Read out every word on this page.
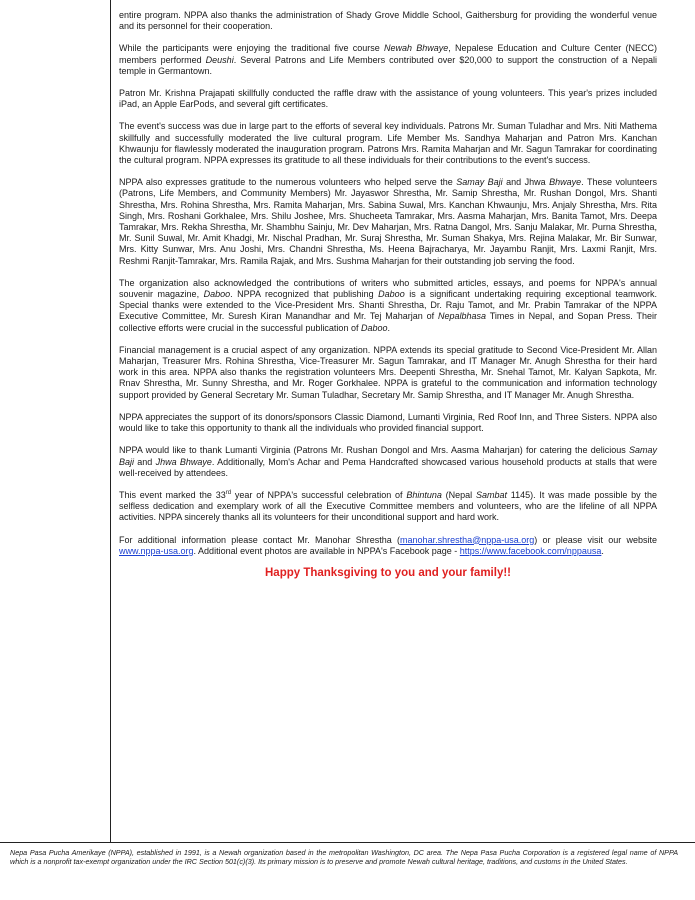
entire program. NPPA also thanks the administration of Shady Grove Middle School, Gaithersburg for providing the wonderful venue and its personnel for their cooperation.

While the participants were enjoying the traditional five course Newah Bhwaye, Nepalese Education and Culture Center (NECC) members performed Deushi. Several Patrons and Life Members contributed over $20,000 to support the construction of a Nepali temple in Germantown.

Patron Mr. Krishna Prajapati skillfully conducted the raffle draw with the assistance of young volunteers. This year's prizes included iPad, an Apple EarPods, and several gift certificates.

The event's success was due in large part to the efforts of several key individuals. Patrons Mr. Suman Tuladhar and Mrs. Niti Mathema skillfully and successfully moderated the live cultural program. Life Member Ms. Sandhya Maharjan and Patron Mrs. Kanchan Khwaunju for flawlessly moderated the inauguration program. Patrons Mrs. Ramita Maharjan and Mr. Sagun Tamrakar for coordinating the cultural program. NPPA expresses its gratitude to all these individuals for their contributions to the event's success.

NPPA also expresses gratitude to the numerous volunteers who helped serve the Samay Baji and Jhwa Bhwaye. These volunteers (Patrons, Life Members, and Community Members) Mr. Jayaswor Shrestha, Mr. Samip Shrestha, Mr. Rushan Dongol, Mrs. Shanti Shrestha, Mrs. Rohina Shrestha, Mrs. Ramita Maharjan, Mrs. Sabina Suwal, Mrs. Kanchan Khwaunju, Mrs. Anjaly Shrestha, Mrs. Rita Singh, Mrs. Roshani Gorkhalee, Mrs. Shilu Joshee, Mrs. Shucheeta Tamrakar, Mrs. Aasma Maharjan, Mrs. Banita Tamot, Mrs. Deepa Tamrakar, Mrs. Rekha Shrestha, Mr. Shambhu Sainju, Mr. Dev Maharjan, Mrs. Ratna Dangol, Mrs. Sanju Malakar, Mr. Purna Shrestha, Mr. Sunil Suwal, Mr. Amit Khadgi, Mr. Nischal Pradhan, Mr. Suraj Shrestha, Mr. Suman Shakya, Mrs. Rejina Malakar, Mr. Bir Sunwar, Mrs. Kitty Sunwar, Mrs. Anu Joshi, Mrs. Chandni Shrestha, Ms. Heena Bajracharya, Mr. Jayambu Ranjit, Mrs. Laxmi Ranjit, Mrs. Reshmi Ranjit-Tamrakar, Mrs. Ramila Rajak, and Mrs. Sushma Maharjan for their outstanding job serving the food.

The organization also acknowledged the contributions of writers who submitted articles, essays, and poems for NPPA's annual souvenir magazine, Daboo. NPPA recognized that publishing Daboo is a significant undertaking requiring exceptional teamwork. Special thanks were extended to the Vice-President Mrs. Shanti Shrestha, Dr. Raju Tamot, and Mr. Prabin Tamrakar of the NPPA Executive Committee, Mr. Suresh Kiran Manandhar and Mr. Tej Maharjan of Nepalbhasa Times in Nepal, and Sopan Press. Their collective efforts were crucial in the successful publication of Daboo.

Financial management is a crucial aspect of any organization. NPPA extends its special gratitude to Second Vice-President Mr. Allan Maharjan, Treasurer Mrs. Rohina Shrestha, Vice-Treasurer Mr. Sagun Tamrakar, and IT Manager Mr. Anugh Shrestha for their hard work in this area. NPPA also thanks the registration volunteers Mrs. Deepenti Shrestha, Mr. Snehal Tamot, Mr. Kalyan Sapkota, Mr. Rnav Shrestha, Mr. Sunny Shrestha, and Mr. Roger Gorkhalee. NPPA is grateful to the communication and information technology support provided by General Secretary Mr. Suman Tuladhar, Secretary Mr. Samip Shrestha, and IT Manager Mr. Anugh Shrestha.

NPPA appreciates the support of its donors/sponsors Classic Diamond, Lumanti Virginia, Red Roof Inn, and Three Sisters. NPPA also would like to take this opportunity to thank all the individuals who provided financial support.

NPPA would like to thank Lumanti Virginia (Patrons Mr. Rushan Dongol and Mrs. Aasma Maharjan) for catering the delicious Samay Baji and Jhwa Bhwaye. Additionally, Mom's Achar and Pema Handcrafted showcased various household products at stalls that were well-received by attendees.

This event marked the 33rd year of NPPA's successful celebration of Bhintuna (Nepal Sambat 1145). It was made possible by the selfless dedication and exemplary work of all the Executive Committee members and volunteers, who are the lifeline of all NPPA activities. NPPA sincerely thanks all its volunteers for their unconditional support and hard work.

For additional information please contact Mr. Manohar Shrestha (manohar.shrestha@nppa-usa.org) or please visit our website www.nppa-usa.org. Additional event photos are available in NPPA's Facebook page - https://www.facebook.com/nppausa.

Happy Thanksgiving to you and your family!!
Nepa Pasa Pucha Amerikaye (NPPA), established in 1991, is a Newah organization based in the metropolitan Washington, DC area. The Nepa Pasa Pucha Corporation is a registered legal name of NPPA which is a nonprofit tax-exempt organization under the IRC Section 501(c)(3). Its primary mission is to preserve and promote Newah cultural heritage, traditions, and customs in the United States.
